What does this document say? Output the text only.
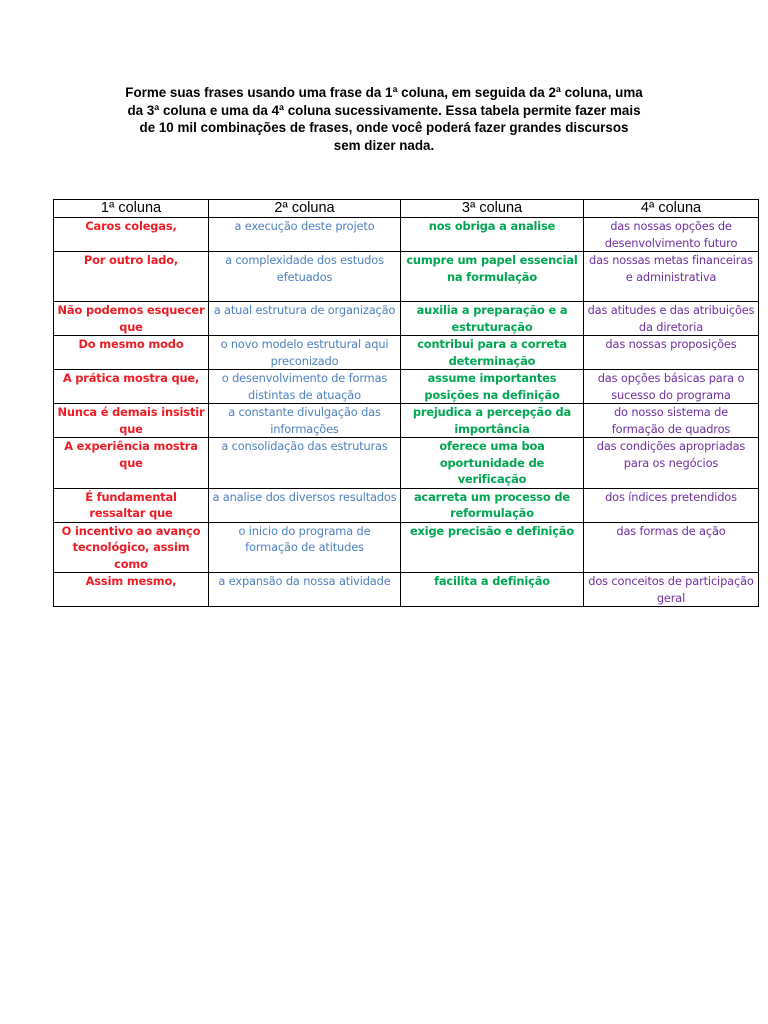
Forme suas frases usando uma frase da 1ª coluna, em seguida da 2ª coluna, uma
da 3ª coluna e uma da 4ª coluna sucessivamente. Essa tabela permite fazer mais
de 10 mil combinações de frases, onde você poderá fazer grandes discursos
sem dizer nada.
1ª coluna	2ª coluna	3ª coluna	4ª coluna
Caros colegas,	a execução deste projeto	nos obriga a analise	das nossas opções de desenvolvimento futuro
Por outro lado,	a complexidade dos estudos efetuados	cumpre um papel essencial na formulação	das nossas metas financeiras e administrativa
Não podemos esquecer que	a atual estrutura de organização	auxilia a preparação e a estruturação	das atitudes e das atribuições da diretoria
Do mesmo modo	o novo modelo estrutural aqui preconizado	contribui para a correta determinação	das nossas proposições
A prática mostra que,	o desenvolvimento de formas distintas de atuação	assume importantes posições na definição	das opções básicas para o sucesso do programa
Nunca é demais insistir que	a constante divulgação das informações	prejudica a percepção da importância	do nosso sistema de formação de quadros
A experiência mostra que	a consolidação das estruturas	oferece uma boa oportunidade de verificação	das condições apropriadas para os negócios
É fundamental ressaltar que	a analise dos diversos resultados	acarreta um processo de reformulação	dos índices pretendidos
O incentivo ao avanço tecnológico, assim como	o inicio do programa de formação de atitudes	exige precisão e definição	das formas de ação
Assim mesmo,	a expansão da nossa atividade	facilita a definição	dos conceitos de participação geral
